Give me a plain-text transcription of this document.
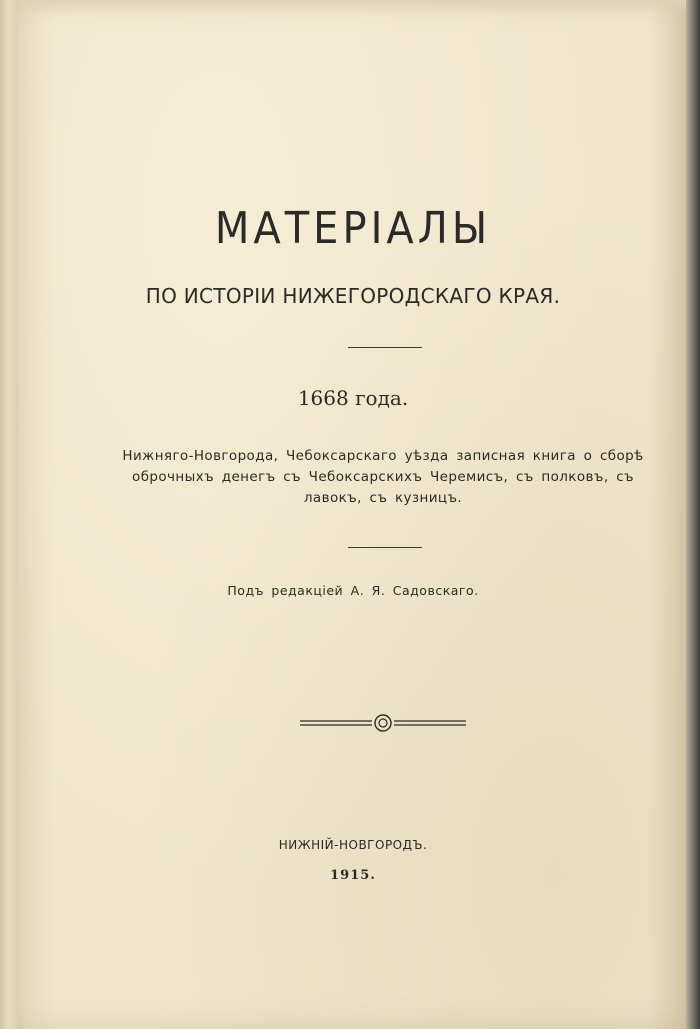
МАТЕРІАЛЫ
ПО ИСТОРІИ НИЖЕГОРОДСКАГО КРАЯ.
1668 года.
Нижняго-Новгорода, Чебоксарскаго уѣзда записная книга о сборѣ оброчныхъ денегъ съ Чебоксарскихъ Черемисъ, съ полковъ, съ лавокъ, съ кузницъ.
Подъ редакціей А. Я. Садовскаго.
НИЖНІЙ-НОВГОРОДЪ.
1915.
